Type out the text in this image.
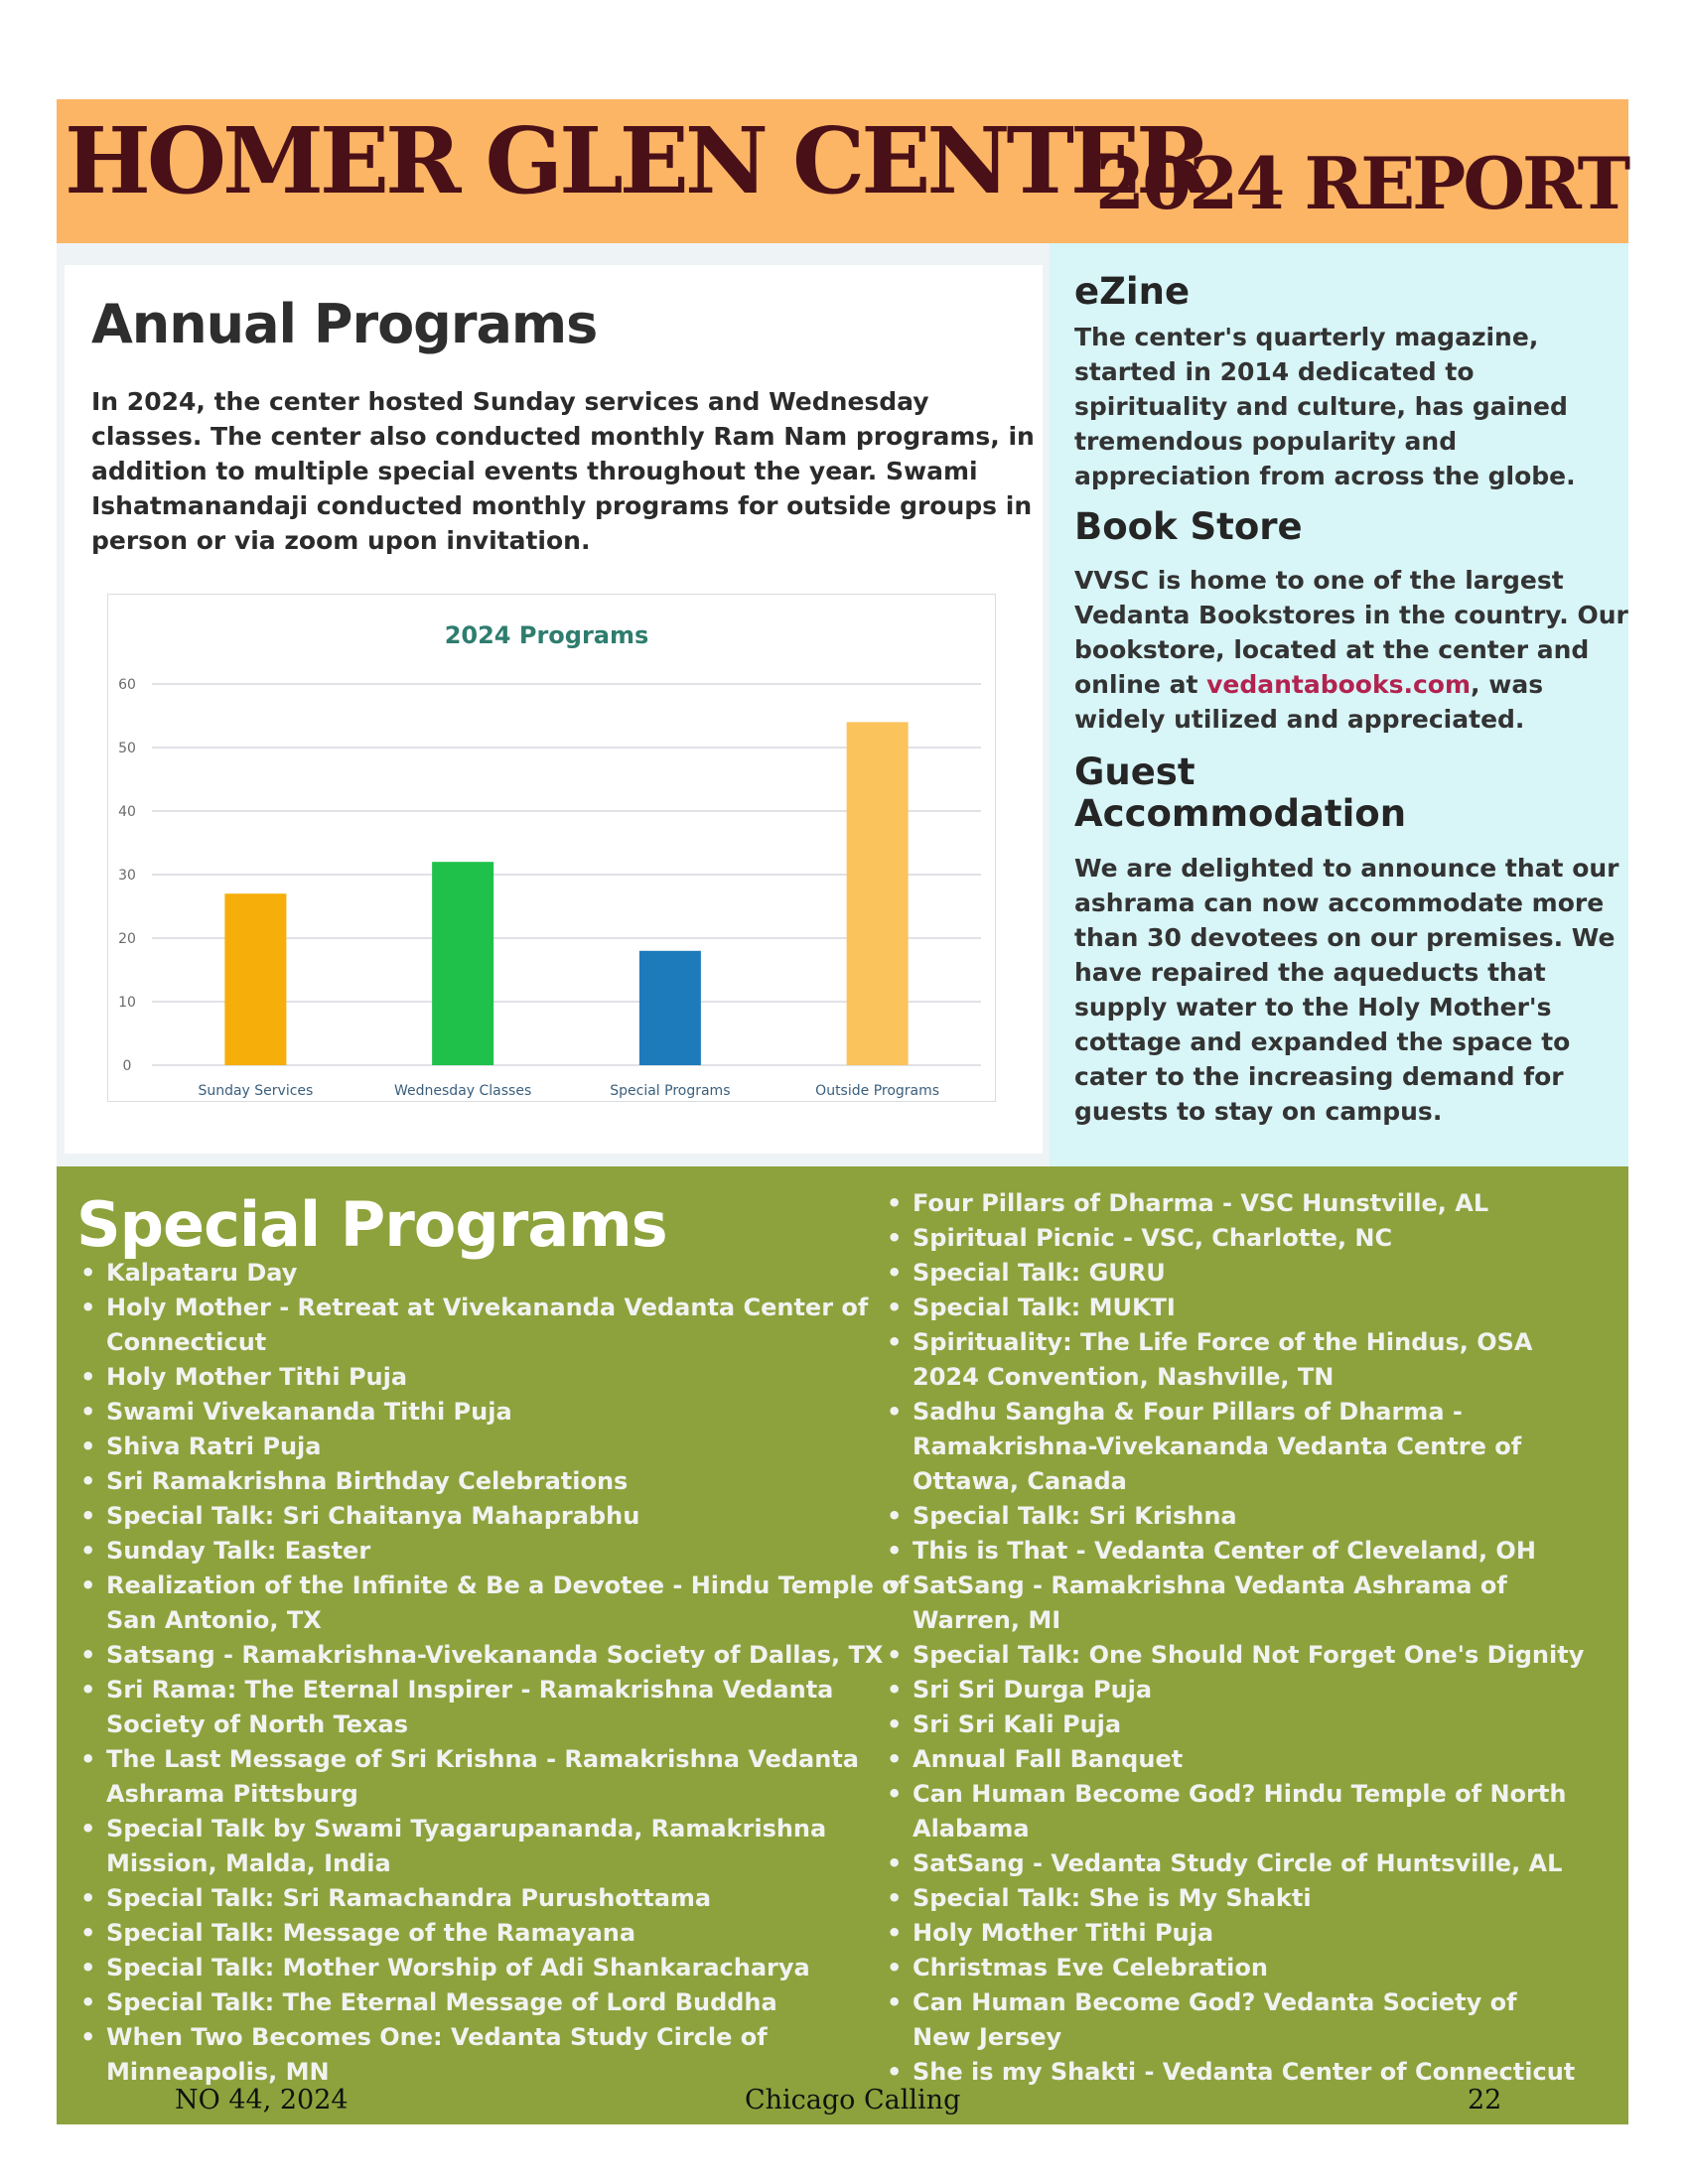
HOMER GLEN CENTER
2024 REPORT
Annual Programs

In 2024, the center hosted Sunday services and Wednesday classes. The center also conducted monthly Ram Nam programs, in addition to multiple special events throughout the year. Swami Ishatmanandaji conducted monthly programs for outside groups in person or via zoom upon invitation.

2024 Programs
0
10
20
30
40
50
60
Sunday Services	Wednesday Classes	Special Programs	Outside Programs
eZine
The center's quarterly magazine, started in 2014 dedicated to spirituality and culture, has gained tremendous popularity and appreciation from across the globe.
Book Store
VVSC is home to one of the largest Vedanta Bookstores in the country. Our bookstore, located at the center and online at vedantabooks.com, was widely utilized and appreciated.
Guest
Accommodation
We are delighted to announce that our ashrama can now accommodate more than 30 devotees on our premises. We have repaired the aqueducts that supply water to the Holy Mother's cottage and expanded the space to cater to the increasing demand for guests to stay on campus.
Special Programs
• Kalpataru Day
• Holy Mother - Retreat at Vivekananda Vedanta Center of Connecticut
• Holy Mother Tithi Puja
• Swami Vivekananda Tithi Puja
• Shiva Ratri Puja
• Sri Ramakrishna Birthday Celebrations
• Special Talk: Sri Chaitanya Mahaprabhu
• Sunday Talk: Easter
• Realization of the Infinite & Be a Devotee - Hindu Temple of San Antonio, TX
• Satsang - Ramakrishna-Vivekananda Society of Dallas, TX
• Sri Rama: The Eternal Inspirer - Ramakrishna Vedanta Society of North Texas
• The Last Message of Sri Krishna - Ramakrishna Vedanta Ashrama Pittsburg
• Special Talk by Swami Tyagarupananda, Ramakrishna Mission, Malda, India
• Special Talk: Sri Ramachandra Purushottama
• Special Talk: Message of the Ramayana
• Special Talk: Mother Worship of Adi Shankaracharya
• Special Talk: The Eternal Message of Lord Buddha
• When Two Becomes One: Vedanta Study Circle of Minneapolis, MN
• Four Pillars of Dharma - VSC Hunstville, AL
• Spiritual Picnic - VSC, Charlotte, NC
• Special Talk: GURU
• Special Talk: MUKTI
• Spirituality: The Life Force of the Hindus, OSA
2024 Convention, Nashville, TN
• Sadhu Sangha & Four Pillars of Dharma -
Ramakrishna-Vivekananda Vedanta Centre of
Ottawa, Canada
• Special Talk: Sri Krishna
• This is That - Vedanta Center of Cleveland, OH
• SatSang - Ramakrishna Vedanta Ashrama of
Warren, MI
• Special Talk: One Should Not Forget One's Dignity
• Sri Sri Durga Puja
• Sri Sri Kali Puja
• Annual Fall Banquet
• Can Human Become God? Hindu Temple of North
Alabama
• SatSang - Vedanta Study Circle of Huntsville, AL
• Special Talk: She is My Shakti
• Holy Mother Tithi Puja
• Christmas Eve Celebration
• Can Human Become God? Vedanta Society of
New Jersey
• She is my Shakti - Vedanta Center of Connecticut
NO 44, 2024	Chicago Calling	22
